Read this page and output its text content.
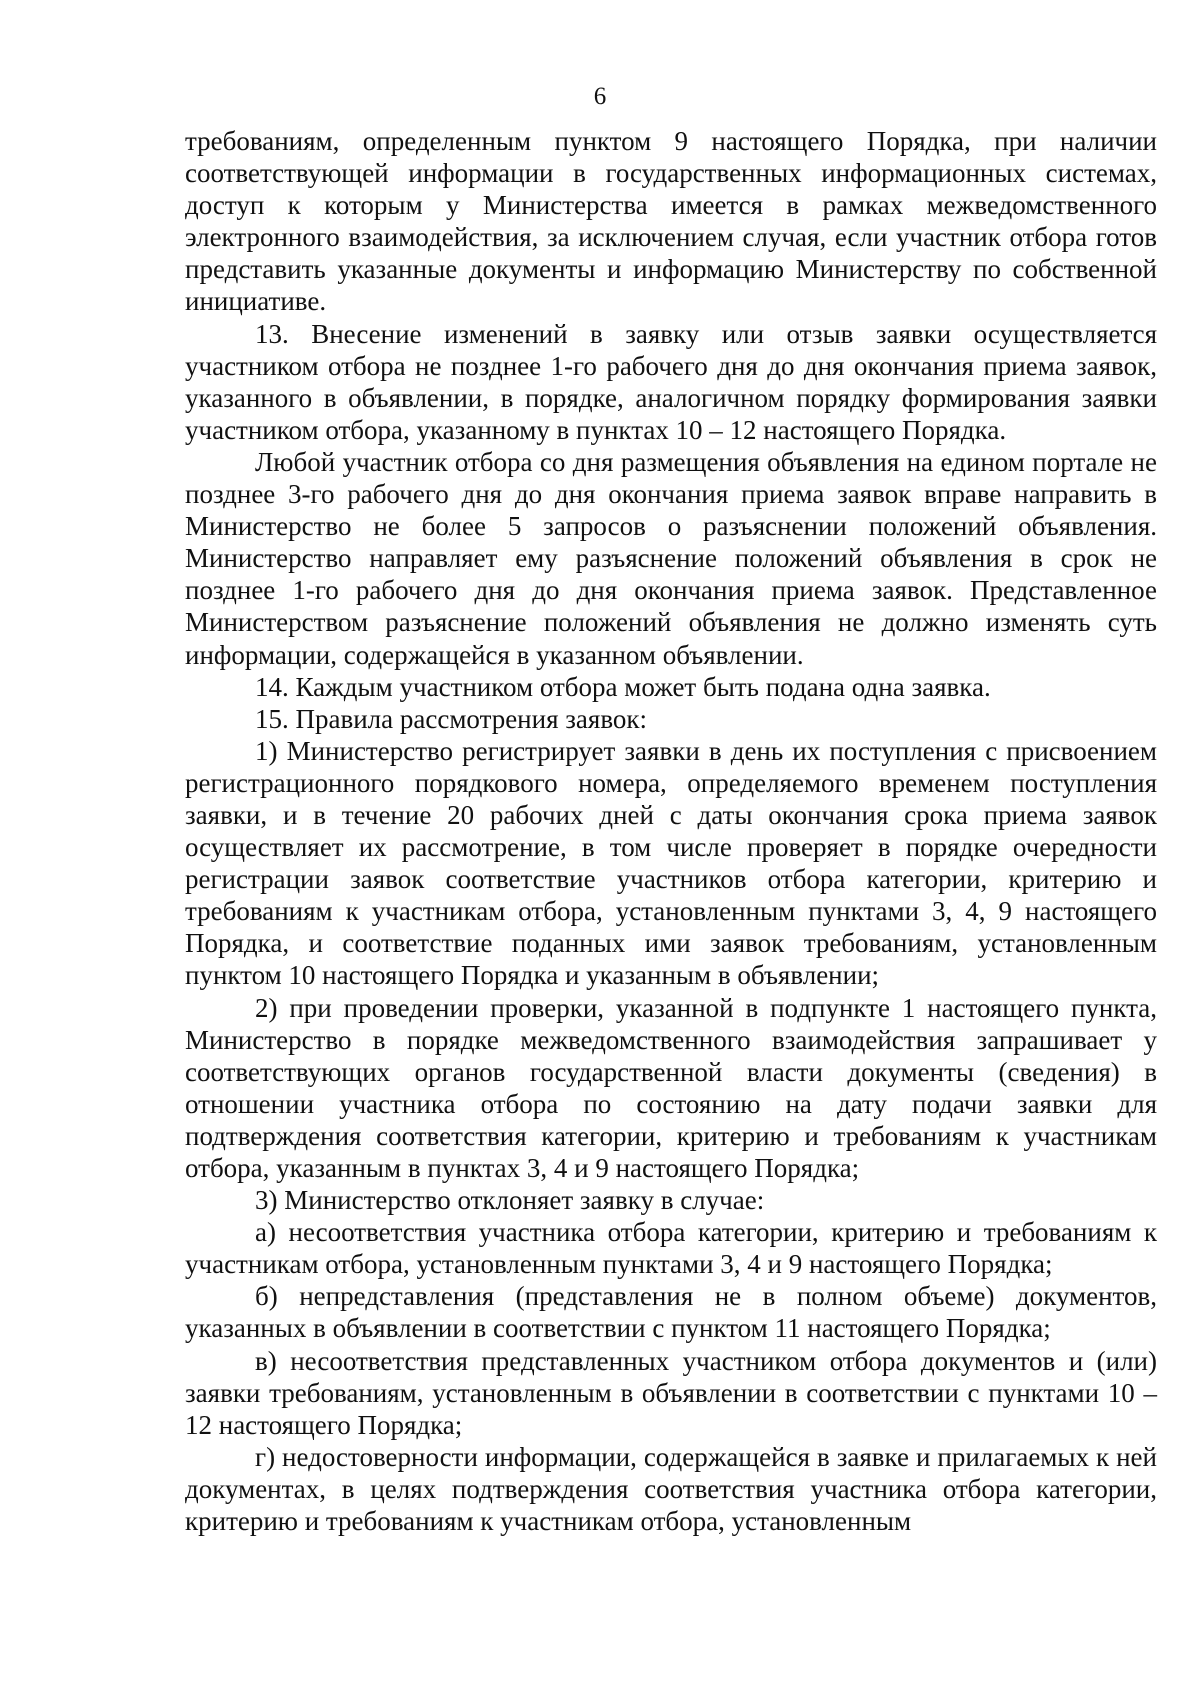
6

требованиям, определенным пунктом 9 настоящего Порядка, при наличии соответствующей информации в государственных информационных системах, доступ к которым у Министерства имеется в рамках межведомственного электронного взаимодействия, за исключением случая, если участник отбора готов представить указанные документы и информацию Министерству по собственной инициативе.

13. Внесение изменений в заявку или отзыв заявки осуществляется участником отбора не позднее 1-го рабочего дня до дня окончания приема заявок, указанного в объявлении, в порядке, аналогичном порядку формирования заявки участником отбора, указанному в пунктах 10 – 12 настоящего Порядка.

Любой участник отбора со дня размещения объявления на едином портале не позднее 3-го рабочего дня до дня окончания приема заявок вправе направить в Министерство не более 5 запросов о разъяснении положений объявления. Министерство направляет ему разъяснение положений объявления в срок не позднее 1-го рабочего дня до дня окончания приема заявок. Представленное Министерством разъяснение положений объявления не должно изменять суть информации, содержащейся в указанном объявлении.

14. Каждым участником отбора может быть подана одна заявка.

15. Правила рассмотрения заявок:

1) Министерство регистрирует заявки в день их поступления с присвоением регистрационного порядкового номера, определяемого временем поступления заявки, и в течение 20 рабочих дней с даты окончания срока приема заявок осуществляет их рассмотрение, в том числе проверяет в порядке очередности регистрации заявок соответствие участников отбора категории, критерию и требованиям к участникам отбора, установленным пунктами 3, 4, 9 настоящего Порядка, и соответствие поданных ими заявок требованиям, установленным пунктом 10 настоящего Порядка и указанным в объявлении;

2) при проведении проверки, указанной в подпункте 1 настоящего пункта, Министерство в порядке межведомственного взаимодействия запрашивает у соответствующих органов государственной власти документы (сведения) в отношении участника отбора по состоянию на дату подачи заявки для подтверждения соответствия категории, критерию и требованиям к участникам отбора, указанным в пунктах 3, 4 и 9 настоящего Порядка;

3) Министерство отклоняет заявку в случае:

а) несоответствия участника отбора категории, критерию и требованиям к участникам отбора, установленным пунктами 3, 4 и 9 настоящего Порядка;

б) непредставления (представления не в полном объеме) документов, указанных в объявлении в соответствии с пунктом 11 настоящего Порядка;

в) несоответствия представленных участником отбора документов и (или) заявки требованиям, установленным в объявлении в соответствии с пунктами 10 – 12 настоящего Порядка;

г) недостоверности информации, содержащейся в заявке и прилагаемых к ней документах, в целях подтверждения соответствия участника отбора категории, критерию и требованиям к участникам отбора, установленным
